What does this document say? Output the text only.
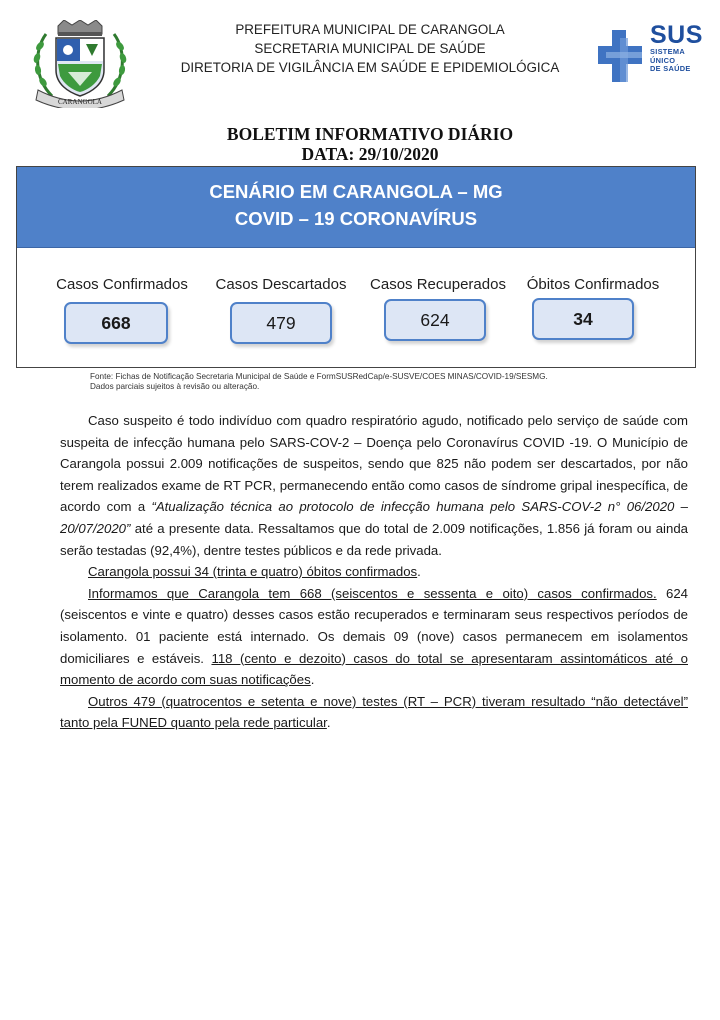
CARANGOLA
PREFEITURA MUNICIPAL DE CARANGOLA
SECRETARIA MUNICIPAL DE SAÚDE
DIRETORIA DE VIGILÂNCIA EM SAÚDE E EPIDEMIOLÓGICA
SUS
SISTEMA
ÚNICO
DE SAÚDE
BOLETIM INFORMATIVO DIÁRIO
DATA: 29/10/2020
CENÁRIO EM CARANGOLA – MG
COVID – 19 CORONAVÍRUS
Casos Confirmados
668
Casos Descartados
479
Casos Recuperados
624
Óbitos Confirmados
34
Fonte: Fichas de Notificação Secretaria Municipal de Saúde e FormSUSRedCap/e-SUSVE/COES MINAS/COVID-19/SESMG.
Dados parciais sujeitos à revisão ou alteração.

Caso suspeito é todo indivíduo com quadro respiratório agudo, notificado pelo serviço de saúde com suspeita de infecção humana pelo SARS-COV-2 – Doença pelo Coronavírus COVID -19. O Município de Carangola possui 2.009 notificações de suspeitos, sendo que 825 não podem ser descartados, por não terem realizados exame de RT PCR, permanecendo então como casos de síndrome gripal inespecífica, de acordo com a “Atualização técnica ao protocolo de infecção humana pelo SARS-COV-2 n° 06/2020 – 20/07/2020” até a presente data. Ressaltamos que do total de 2.009 notificações, 1.856 já foram ou ainda serão testadas (92,4%), dentre testes públicos e da rede privada.

Carangola possui 34 (trinta e quatro) óbitos confirmados.

Informamos que Carangola tem 668 (seiscentos e sessenta e oito) casos confirmados. 624 (seiscentos e vinte e quatro) desses casos estão recuperados e terminaram seus respectivos períodos de isolamento. 01 paciente está internado. Os demais 09 (nove) casos permanecem em isolamentos domiciliares e estáveis. 118 (cento e dezoito) casos do total se apresentaram assintomáticos até o momento de acordo com suas notificações.

Outros 479 (quatrocentos e setenta e nove) testes (RT – PCR) tiveram resultado “não detectável” tanto pela FUNED quanto pela rede particular.
